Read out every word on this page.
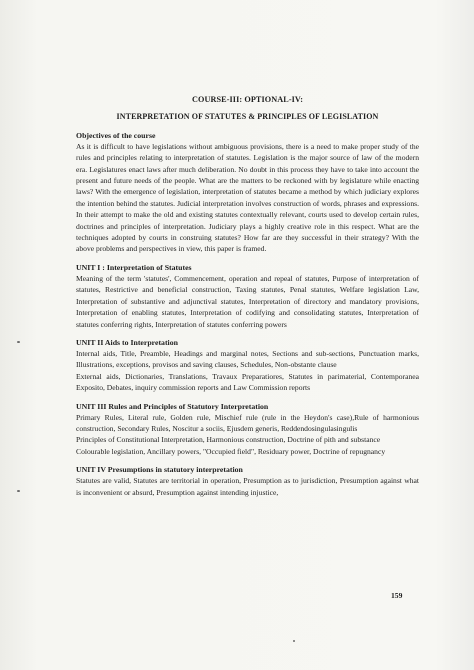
COURSE-III: OPTIONAL-IV:
INTERPRETATION OF STATUTES & PRINCIPLES OF LEGISLATION
Objectives of the course

As it is difficult to have legislations without ambiguous provisions, there is a need to make proper study of the rules and principles relating to interpretation of statutes. Legislation is the major source of law of the modern era. Legislatures enact laws after much deliberation. No doubt in this process they have to take into account the present and future needs of the people. What are the matters to be reckoned with by legislature while enacting laws? With the emergence of legislation, interpretation of statutes became a method by which judiciary explores the intention behind the statutes. Judicial interpretation involves construction of words, phrases and expressions. In their attempt to make the old and existing statutes contextually relevant, courts used to develop certain rules, doctrines and principles of interpretation. Judiciary plays a highly creative role in this respect. What are the techniques adopted by courts in construing statutes? How far are they successful in their strategy? With the above problems and perspectives in view, this paper is framed.

UNIT I : Interpretation of Statutes

Meaning of the term 'statutes', Commencement, operation and repeal of statutes, Purpose of interpretation of statutes, Restrictive and beneficial construction, Taxing statutes, Penal statutes, Welfare legislation Law, Interpretation of substantive and adjunctival statutes, Interpretation of directory and mandatory provisions, Interpretation of enabling statutes, Interpretation of codifying and consolidating statutes, Interpretation of statutes conferring rights, Interpretation of statutes conferring powers

UNIT II Aids to Interpretation

Internal aids, Title, Preamble, Headings and marginal notes, Sections and sub-sections, Punctuation marks, Illustrations, exceptions, provisos and saving clauses, Schedules, Non-obstante clause

External aids, Dictionaries, Translations, Travaux Preparatiores, Statutes in parimaterial, Contemporanea Exposito, Debates, inquiry commission reports and Law Commission reports

UNIT III Rules and Principles of Statutory Interpretation

Primary Rules, Literal rule, Golden rule, Mischief rule (rule in the Heydon's case),Rule of harmonious construction, Secondary Rules, Noscitur a sociis, Ejusdem generis, Reddendosingulasingulis

Principles of Constitutional Interpretation, Harmonious construction, Doctrine of pith and substance

Colourable legislation, Ancillary powers, "Occupied field", Residuary power, Doctrine of repugnancy

UNIT IV Presumptions in statutory interpretation

Statutes are valid, Statutes are territorial in operation, Presumption as to jurisdiction, Presumption against what is inconvenient or absurd, Presumption against intending injustice,

159
